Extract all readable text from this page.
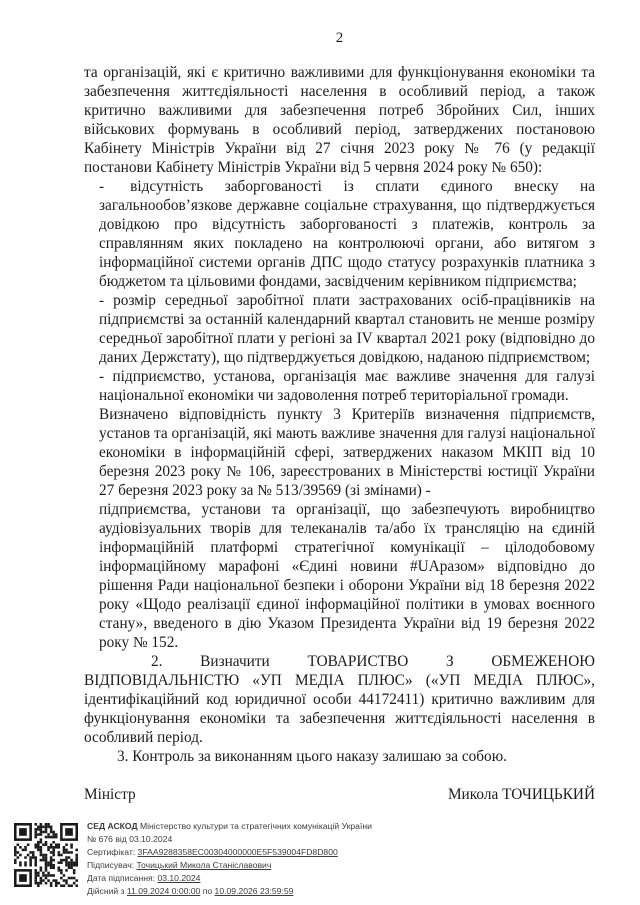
2

та організацій, які є критично важливими для функціонування економіки та забезпечення життєдіяльності населення в особливий період, а також критично важливими для забезпечення потреб Збройних Сил, інших військових формувань в особливий період, затверджених постановою Кабінету Міністрів України від 27 січня 2023 року № 76 (у редакції постанови Кабінету Міністрів України від 5 червня 2024 року № 650):

- відсутність заборгованості із сплати єдиного внеску на загальнообов’язкове державне соціальне страхування, що підтверджується довідкою про відсутність заборгованості з платежів, контроль за справлянням яких покладено на контролюючі органи, або витягом з інформаційної системи органів ДПС щодо статусу розрахунків платника з бюджетом та цільовими фондами, засвідченим керівником підприємства;

- розмір середньої заробітної плати застрахованих осіб-працівників на підприємстві за останній календарний квартал становить не менше розміру середньої заробітної плати у регіоні за IV квартал 2021 року (відповідно до даних Держстату), що підтверджується довідкою, наданою підприємством;

- підприємство, установа, організація має важливе значення для галузі національної економіки чи задоволення потреб територіальної громади.

Визначено відповідність пункту 3 Критеріїв визначення підприємств, установ та організацій, які мають важливе значення для галузі національної економіки в інформаційній сфері, затверджених наказом МКІП від 10 березня 2023 року № 106, зареєстрованих в Міністерстві юстиції України 27 березня 2023 року за № 513/39569 (зі змінами) -

підприємства, установи та організації, що забезпечують виробництво аудіовізуальних творів для телеканалів та/або їх трансляцію на єдиній інформаційній платформі стратегічної комунікації – цілодобовому інформаційному марафоні «Єдині новини #UAразом» відповідно до рішення Ради національної безпеки і оборони України від 18 березня 2022 року «Щодо реалізації єдиної інформаційної політики в умовах воєнного стану», введеного в дію Указом Президента України від 19 березня 2022 року № 152.

2. Визначити ТОВАРИСТВО З ОБМЕЖЕНОЮ ВІДПОВІДАЛЬНІСТЮ «УП МЕДІА ПЛЮС» («УП МЕДІА ПЛЮС», ідентифікаційний код юридичної особи 44172411) критично важливим для функціонування економіки та забезпечення життєдіяльності населення в особливий період.

3. Контроль за виконанням цього наказу залишаю за собою.

Міністр	Микола ТОЧИЦЬКИЙ
СЕД АСКОД Міністерство культури та стратегічних комунікацій України
№ 676 від 03.10.2024
Сертифікат: 3FAA9288358EC00304000000E5F539004FD8D800
Підписувач: Точицький Микола Станіславович
Дата підписання: 03.10.2024
Дійсний з 11.09.2024 0:00:00 по 10.09.2026 23:59:59
